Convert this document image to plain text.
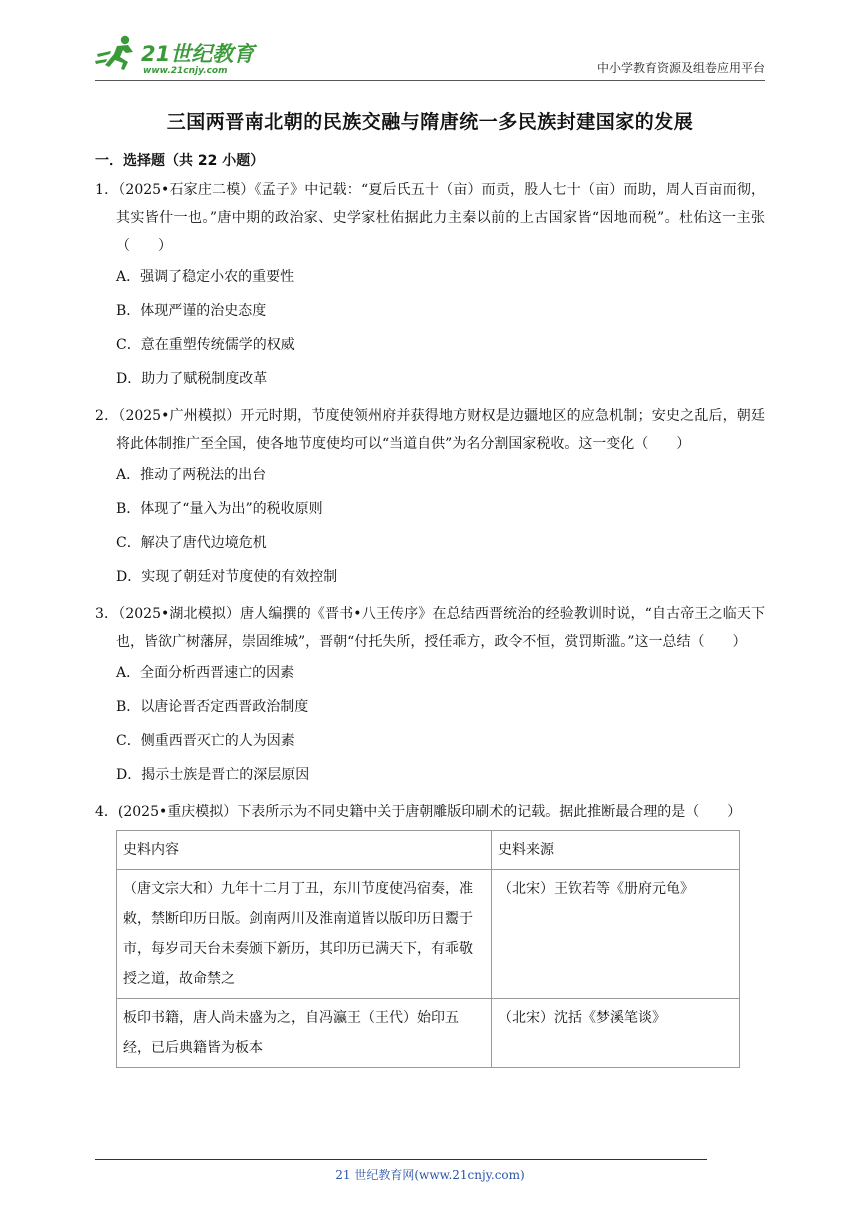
21世纪教育
www.21cnjy.com	中小学教育资源及组卷应用平台
三国两晋南北朝的民族交融与隋唐统一多民族封建国家的发展
一．选择题（共 22 小题）
1．（2025•石家庄二模）《孟子》中记载：“夏后氏五十（亩）而贡，股人七十（亩）而助，周人百亩而彻，其实皆什一也。”唐中期的政治家、史学家杜佑据此力主秦以前的上古国家皆“因地而税”。杜佑这一主张（　　）
A．强调了稳定小农的重要性
B．体现严谨的治史态度
C．意在重塑传统儒学的权威
D．助力了赋税制度改革
2．（2025•广州模拟）开元时期，节度使领州府并获得地方财权是边疆地区的应急机制；安史之乱后，朝廷将此体制推广至全国，使各地节度使均可以“当道自供”为名分割国家税收。这一变化（　　）
A．推动了两税法的出台
B．体现了“量入为出”的税收原则
C．解决了唐代边境危机
D．实现了朝廷对节度使的有效控制
3．（2025•湖北模拟）唐人编撰的《晋书•八王传序》在总结西晋统治的经验教训时说，“自古帝王之临天下也，皆欲广树藩屏，崇固维城”，晋朝“付托失所，授任乖方，政令不恒，赏罚斯滥。”这一总结（　　）
A．全面分析西晋速亡的因素
B．以唐论晋否定西晋政治制度
C．侧重西晋灭亡的人为因素
D．揭示士族是晋亡的深层原因
4．(2025•重庆模拟）下表所示为不同史籍中关于唐朝雕版印刷术的记载。据此推断最合理的是（　　）
史料内容	史料来源
（唐文宗大和）九年十二月丁丑，东川节度使冯宿奏，准敕，禁断印历日版。剑南两川及淮南道皆以版印历日鬻于市，每岁司天台未奏颁下新历，其印历已满天下，有乖敬授之道，故命禁之	（北宋）王钦若等《册府元龟》
板印书籍，唐人尚未盛为之，自冯瀛王（王代）始印五经，已后典籍皆为板本	（北宋）沈括《梦溪笔谈》
21 世纪教育网(www.21cnjy.com)
